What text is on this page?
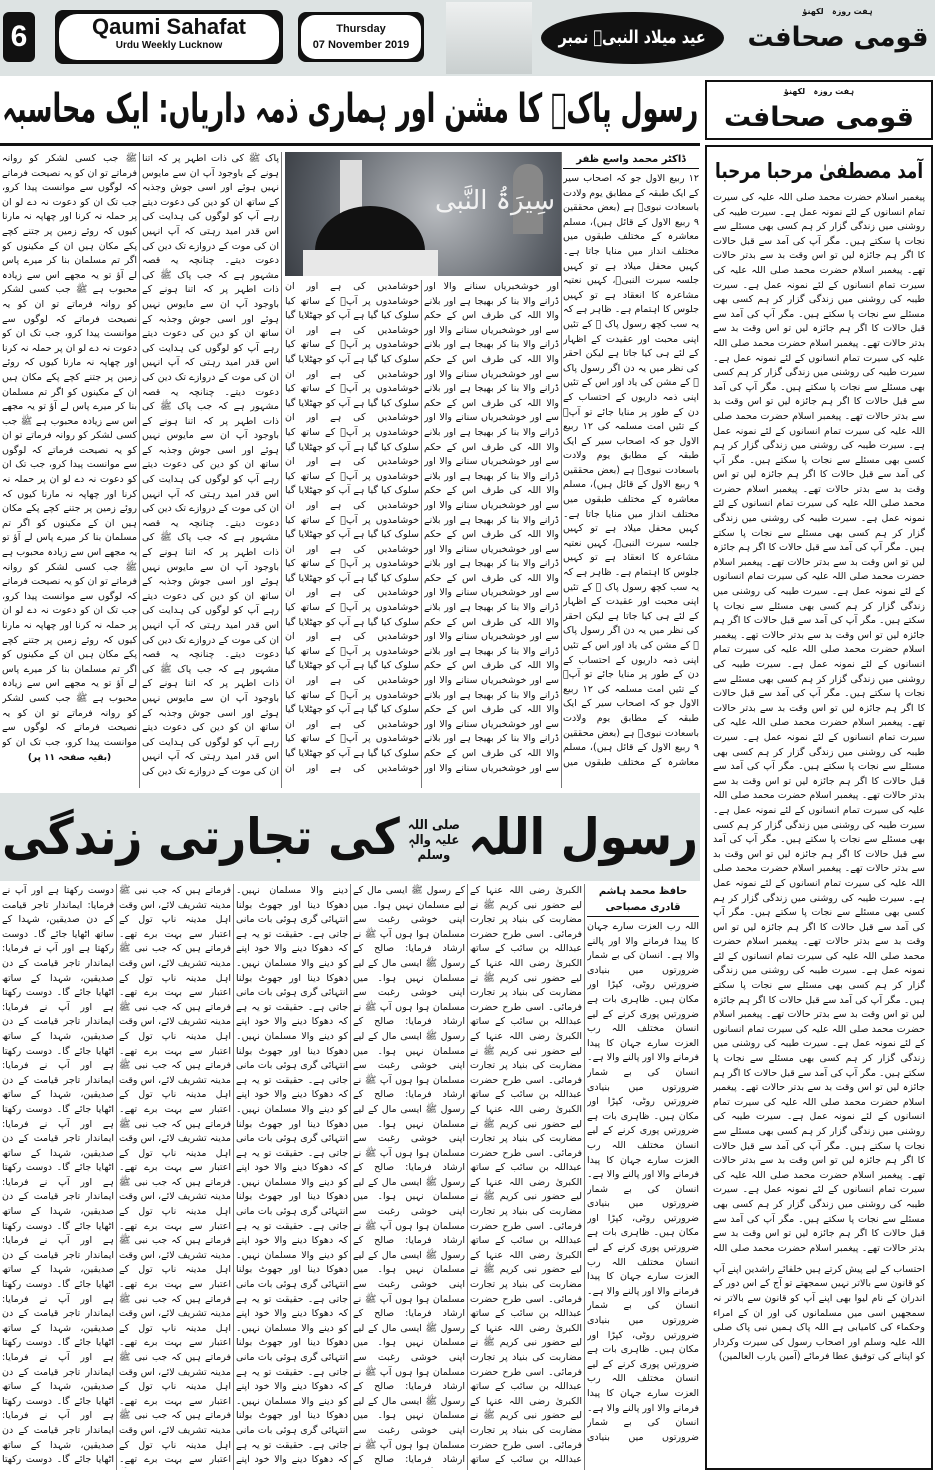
6	Qaumi Sahafat
Urdu Weekly Lucknow
Thursday
07 November 2019	عید میلاد النبیؐ نمبر
ہفت روزہ   لکھنؤ
قومی صحافت
رسول پاکؐ کا مشن اور ہماری ذمہ داریاں: ایک محاسبہ	ہفت روزہ   لکھنؤ
قومی صحافت
آمد مصطفیٰ مرحبا مرحبا
پیغمبر اسلام حضرت محمد صلی اللہ علیہ کی سیرت تمام انسانوں کے لئے نمونہ عمل ہے۔ سیرت طیبہ کی روشنی میں زندگی گزار کر ہم کسی بھی مسئلے سے نجات پا سکتے ہیں۔ مگر آپ کی آمد سے قبل حالات کا اگر ہم جائزہ لیں تو اس وقت بد سے بدتر حالات تھے۔ پیغمبر اسلام حضرت محمد صلی اللہ علیہ کی سیرت تمام انسانوں کے لئے نمونہ عمل ہے۔ سیرت طیبہ کی روشنی میں زندگی گزار کر ہم کسی بھی مسئلے سے نجات پا سکتے ہیں۔ مگر آپ کی آمد سے قبل حالات کا اگر ہم جائزہ لیں تو اس وقت بد سے بدتر حالات تھے۔ پیغمبر اسلام حضرت محمد صلی اللہ علیہ کی سیرت تمام انسانوں کے لئے نمونہ عمل ہے۔ سیرت طیبہ کی روشنی میں زندگی گزار کر ہم کسی بھی مسئلے سے نجات پا سکتے ہیں۔ مگر آپ کی آمد سے قبل حالات کا اگر ہم جائزہ لیں تو اس وقت بد سے بدتر حالات تھے۔ پیغمبر اسلام حضرت محمد صلی اللہ علیہ کی سیرت تمام انسانوں کے لئے نمونہ عمل ہے۔ سیرت طیبہ کی روشنی میں زندگی گزار کر ہم کسی بھی مسئلے سے نجات پا سکتے ہیں۔ مگر آپ کی آمد سے قبل حالات کا اگر ہم جائزہ لیں تو اس وقت بد سے بدتر حالات تھے۔ پیغمبر اسلام حضرت محمد صلی اللہ علیہ کی سیرت تمام انسانوں کے لئے نمونہ عمل ہے۔ سیرت طیبہ کی روشنی میں زندگی گزار کر ہم کسی بھی مسئلے سے نجات پا سکتے ہیں۔ مگر آپ کی آمد سے قبل حالات کا اگر ہم جائزہ لیں تو اس وقت بد سے بدتر حالات تھے۔ پیغمبر اسلام حضرت محمد صلی اللہ علیہ کی سیرت تمام انسانوں کے لئے نمونہ عمل ہے۔ سیرت طیبہ کی روشنی میں زندگی گزار کر ہم کسی بھی مسئلے سے نجات پا سکتے ہیں۔ مگر آپ کی آمد سے قبل حالات کا اگر ہم جائزہ لیں تو اس وقت بد سے بدتر حالات تھے۔ پیغمبر اسلام حضرت محمد صلی اللہ علیہ کی سیرت تمام انسانوں کے لئے نمونہ عمل ہے۔ سیرت طیبہ کی روشنی میں زندگی گزار کر ہم کسی بھی مسئلے سے نجات پا سکتے ہیں۔ مگر آپ کی آمد سے قبل حالات کا اگر ہم جائزہ لیں تو اس وقت بد سے بدتر حالات تھے۔ پیغمبر اسلام حضرت محمد صلی اللہ علیہ کی سیرت تمام انسانوں کے لئے نمونہ عمل ہے۔ سیرت طیبہ کی روشنی میں زندگی گزار کر ہم کسی بھی مسئلے سے نجات پا سکتے ہیں۔ مگر آپ کی آمد سے قبل حالات کا اگر ہم جائزہ لیں تو اس وقت بد سے بدتر حالات تھے۔ پیغمبر اسلام حضرت محمد صلی اللہ علیہ کی سیرت تمام انسانوں کے لئے نمونہ عمل ہے۔ سیرت طیبہ کی روشنی میں زندگی گزار کر ہم کسی بھی مسئلے سے نجات پا سکتے ہیں۔ مگر آپ کی آمد سے قبل حالات کا اگر ہم جائزہ لیں تو اس وقت بد سے بدتر حالات تھے۔ پیغمبر اسلام حضرت محمد صلی اللہ علیہ کی سیرت تمام انسانوں کے لئے نمونہ عمل ہے۔ سیرت طیبہ کی روشنی میں زندگی گزار کر ہم کسی بھی مسئلے سے نجات پا سکتے ہیں۔ مگر آپ کی آمد سے قبل حالات کا اگر ہم جائزہ لیں تو اس وقت بد سے بدتر حالات تھے۔ پیغمبر اسلام حضرت محمد صلی اللہ علیہ کی سیرت تمام انسانوں کے لئے نمونہ عمل ہے۔ سیرت طیبہ کی روشنی میں زندگی گزار کر ہم کسی بھی مسئلے سے نجات پا سکتے ہیں۔ مگر آپ کی آمد سے قبل حالات کا اگر ہم جائزہ لیں تو اس وقت بد سے بدتر حالات تھے۔ پیغمبر اسلام حضرت محمد صلی اللہ علیہ کی سیرت تمام انسانوں کے لئے نمونہ عمل ہے۔ سیرت طیبہ کی روشنی میں زندگی گزار کر ہم کسی بھی مسئلے سے نجات پا سکتے ہیں۔ مگر آپ کی آمد سے قبل حالات کا اگر ہم جائزہ لیں تو اس وقت بد سے بدتر حالات تھے۔ پیغمبر اسلام حضرت محمد صلی اللہ علیہ کی سیرت تمام انسانوں کے لئے نمونہ عمل ہے۔ سیرت طیبہ کی روشنی میں زندگی گزار کر ہم کسی بھی مسئلے سے نجات پا سکتے ہیں۔ مگر آپ کی آمد سے قبل حالات کا اگر ہم جائزہ لیں تو اس وقت بد سے بدتر حالات تھے۔ پیغمبر اسلام حضرت محمد صلی اللہ علیہ کی سیرت تمام انسانوں کے لئے نمونہ عمل ہے۔ سیرت طیبہ کی روشنی میں زندگی گزار کر ہم کسی بھی مسئلے سے نجات پا سکتے ہیں۔ مگر آپ کی آمد سے قبل حالات کا اگر ہم جائزہ لیں تو اس وقت بد سے بدتر حالات تھے۔ پیغمبر اسلام حضرت محمد صلی اللہ
احتساب کے لیے پیش کرتے ہیں خلفائے راشدین اپنے آپ کو قانون سے بالاتر نہیں سمجھتے تو آج کے اس دور کے اندران کے نام لیوا بھی اپنے آپ کو قانون سے بالاتر نہ سمجھیں اسی میں مسلمانوں کی اور ان کے امراء وحکماء کی کامیابی ہے اللہ پاک ہمیں نبی پاک صلی اللہ علیہ وسلم اور اصحاب رسول کی سیرت وکردار کو اپنانے کی توفیق عطا فرمائے (آمین یارب العالمین)
ڈاکٹر محمد واسع ظفر
۱۲ ربیع الاول جو کہ اصحاب سیر کے ایک طبقہ کے مطابق یوم ولادت باسعادت نبویؐ ہے (بعض محققین ۹ ربیع الاول کے قائل ہیں)، مسلم معاشرہ کے مختلف طبقوں میں مختلف انداز میں منایا جاتا ہے۔ کہیں محفل میلاد ہے تو کہیں جلسہ سیرت النبیؐ، کہیں نعتیہ مشاعرہ کا انعقاد ہے تو کہیں جلوس کا اہتمام ہے۔ ظاہر ہے کہ یہ سب کچھ رسول پاک ﷺ کے تئیں اپنی محبت اور عقیدت کے اظہار کے لئے ہی کیا جاتا ہے لیکن احقر کی نظر میں یہ دن اگر رسول پاک ﷺ کے مشن کی یاد اور اس کے تئیں اپنی ذمہ داریوں کے احتساب کے دن کے طور پر منایا جائے تو آپؐ کے تئیں امت مسلمہ کی ۱۲ ربیع الاول جو کہ اصحاب سیر کے ایک طبقہ کے مطابق یوم ولادت باسعادت نبویؐ ہے (بعض محققین ۹ ربیع الاول کے قائل ہیں)، مسلم معاشرہ کے مختلف طبقوں میں مختلف انداز میں منایا جاتا ہے۔ کہیں محفل میلاد ہے تو کہیں جلسہ سیرت النبیؐ، کہیں نعتیہ مشاعرہ کا انعقاد ہے تو کہیں جلوس کا اہتمام ہے۔ ظاہر ہے کہ یہ سب کچھ رسول پاک ﷺ کے تئیں اپنی محبت اور عقیدت کے اظہار کے لئے ہی کیا جاتا ہے لیکن احقر کی نظر میں یہ دن اگر رسول پاک ﷺ کے مشن کی یاد اور اس کے تئیں اپنی ذمہ داریوں کے احتساب کے دن کے طور پر منایا جائے تو آپؐ کے تئیں امت مسلمہ کی ۱۲ ربیع الاول جو کہ اصحاب سیر کے ایک طبقہ کے مطابق یوم ولادت باسعادت نبویؐ ہے (بعض محققین ۹ ربیع الاول کے قائل ہیں)، مسلم معاشرہ کے مختلف طبقوں میں
سِیرَۃُ النَّبی
اور خوشخبریاں سنانے والا اور ڈرانے والا بنا کر بھیجا ہے اور بلانے والا اللہ کی طرف اس کے حکم سے اور خوشخبریاں سنانے والا اور ڈرانے والا بنا کر بھیجا ہے اور بلانے والا اللہ کی طرف اس کے حکم سے اور خوشخبریاں سنانے والا اور ڈرانے والا بنا کر بھیجا ہے اور بلانے والا اللہ کی طرف اس کے حکم سے اور خوشخبریاں سنانے والا اور ڈرانے والا بنا کر بھیجا ہے اور بلانے والا اللہ کی طرف اس کے حکم سے اور خوشخبریاں سنانے والا اور ڈرانے والا بنا کر بھیجا ہے اور بلانے والا اللہ کی طرف اس کے حکم سے اور خوشخبریاں سنانے والا اور ڈرانے والا بنا کر بھیجا ہے اور بلانے والا اللہ کی طرف اس کے حکم سے اور خوشخبریاں سنانے والا اور ڈرانے والا بنا کر بھیجا ہے اور بلانے والا اللہ کی طرف اس کے حکم سے اور خوشخبریاں سنانے والا اور ڈرانے والا بنا کر بھیجا ہے اور بلانے والا اللہ کی طرف اس کے حکم سے اور خوشخبریاں سنانے والا اور ڈرانے والا بنا کر بھیجا ہے اور بلانے والا اللہ کی طرف اس کے حکم سے اور خوشخبریاں سنانے والا اور ڈرانے والا بنا کر بھیجا ہے اور بلانے والا اللہ کی طرف اس کے حکم سے اور خوشخبریاں سنانے والا اور ڈرانے والا بنا کر بھیجا ہے اور بلانے والا اللہ کی طرف اس کے حکم سے اور خوشخبریاں سنانے والا اور
خوشامدیں کی ہے اور ان خوشامدوں پر آپؐ کے ساتھ کیا سلوک کیا گیا ہے آپ کو جھٹلایا گیا خوشامدیں کی ہے اور ان خوشامدوں پر آپؐ کے ساتھ کیا سلوک کیا گیا ہے آپ کو جھٹلایا گیا خوشامدیں کی ہے اور ان خوشامدوں پر آپؐ کے ساتھ کیا سلوک کیا گیا ہے آپ کو جھٹلایا گیا خوشامدیں کی ہے اور ان خوشامدوں پر آپؐ کے ساتھ کیا سلوک کیا گیا ہے آپ کو جھٹلایا گیا خوشامدیں کی ہے اور ان خوشامدوں پر آپؐ کے ساتھ کیا سلوک کیا گیا ہے آپ کو جھٹلایا گیا خوشامدیں کی ہے اور ان خوشامدوں پر آپؐ کے ساتھ کیا سلوک کیا گیا ہے آپ کو جھٹلایا گیا خوشامدیں کی ہے اور ان خوشامدوں پر آپؐ کے ساتھ کیا سلوک کیا گیا ہے آپ کو جھٹلایا گیا خوشامدیں کی ہے اور ان خوشامدوں پر آپؐ کے ساتھ کیا سلوک کیا گیا ہے آپ کو جھٹلایا گیا خوشامدیں کی ہے اور ان خوشامدوں پر آپؐ کے ساتھ کیا سلوک کیا گیا ہے آپ کو جھٹلایا گیا خوشامدیں کی ہے اور ان خوشامدوں پر آپؐ کے ساتھ کیا سلوک کیا گیا ہے آپ کو جھٹلایا گیا خوشامدیں کی ہے اور ان خوشامدوں پر آپؐ کے ساتھ کیا سلوک کیا گیا ہے آپ کو جھٹلایا گیا خوشامدیں کی ہے اور ان
پاک ﷺ کی ذات اطہر پر کہ اتنا ہونے کے باوجود آپ ان سے مایوس نہیں ہوئے اور اسی جوش وجذبہ کے ساتھ ان کو دین کی دعوت دیتے رہے آپ کو لوگوں کی ہدایت کی اس قدر امید رہتی کہ آپ انہیں ان کی موت کے دروازے تک دین کی دعوت دیتے۔ چنانچہ یہ قصہ مشہور ہے کہ جب پاک ﷺ کی ذات اطہر پر کہ اتنا ہونے کے باوجود آپ ان سے مایوس نہیں ہوئے اور اسی جوش وجذبہ کے ساتھ ان کو دین کی دعوت دیتے رہے آپ کو لوگوں کی ہدایت کی اس قدر امید رہتی کہ آپ انہیں ان کی موت کے دروازے تک دین کی دعوت دیتے۔ چنانچہ یہ قصہ مشہور ہے کہ جب پاک ﷺ کی ذات اطہر پر کہ اتنا ہونے کے باوجود آپ ان سے مایوس نہیں ہوئے اور اسی جوش وجذبہ کے ساتھ ان کو دین کی دعوت دیتے رہے آپ کو لوگوں کی ہدایت کی اس قدر امید رہتی کہ آپ انہیں ان کی موت کے دروازے تک دین کی دعوت دیتے۔ چنانچہ یہ قصہ مشہور ہے کہ جب پاک ﷺ کی ذات اطہر پر کہ اتنا ہونے کے باوجود آپ ان سے مایوس نہیں ہوئے اور اسی جوش وجذبہ کے ساتھ ان کو دین کی دعوت دیتے رہے آپ کو لوگوں کی ہدایت کی اس قدر امید رہتی کہ آپ انہیں ان کی موت کے دروازے تک دین کی دعوت دیتے۔ چنانچہ یہ قصہ مشہور ہے کہ جب پاک ﷺ کی ذات اطہر پر کہ اتنا ہونے کے باوجود آپ ان سے مایوس نہیں ہوئے اور اسی جوش وجذبہ کے ساتھ ان کو دین کی دعوت دیتے رہے آپ کو لوگوں کی ہدایت کی اس قدر امید رہتی کہ آپ انہیں ان کی موت کے دروازے تک دین کی
ﷺ جب کسی لشکر کو روانہ فرماتے تو ان کو یہ نصیحت فرماتے کہ لوگوں سے موانست پیدا کرو، جب تک ان کو دعوت نہ دے لو ان پر حملہ نہ کرنا اور چھاپہ نہ مارنا کیوں کہ روئے زمین پر جتنے کچے پکے مکان ہیں ان کے مکینوں کو اگر تم مسلمان بنا کر میرے پاس لے آؤ تو یہ مجھے اس سے زیادہ محبوب ہے ﷺ جب کسی لشکر کو روانہ فرماتے تو ان کو یہ نصیحت فرماتے کہ لوگوں سے موانست پیدا کرو، جب تک ان کو دعوت نہ دے لو ان پر حملہ نہ کرنا اور چھاپہ نہ مارنا کیوں کہ روئے زمین پر جتنے کچے پکے مکان ہیں ان کے مکینوں کو اگر تم مسلمان بنا کر میرے پاس لے آؤ تو یہ مجھے اس سے زیادہ محبوب ہے ﷺ جب کسی لشکر کو روانہ فرماتے تو ان کو یہ نصیحت فرماتے کہ لوگوں سے موانست پیدا کرو، جب تک ان کو دعوت نہ دے لو ان پر حملہ نہ کرنا اور چھاپہ نہ مارنا کیوں کہ روئے زمین پر جتنے کچے پکے مکان ہیں ان کے مکینوں کو اگر تم مسلمان بنا کر میرے پاس لے آؤ تو یہ مجھے اس سے زیادہ محبوب ہے ﷺ جب کسی لشکر کو روانہ فرماتے تو ان کو یہ نصیحت فرماتے کہ لوگوں سے موانست پیدا کرو، جب تک ان کو دعوت نہ دے لو ان پر حملہ نہ کرنا اور چھاپہ نہ مارنا کیوں کہ روئے زمین پر جتنے کچے پکے مکان ہیں ان کے مکینوں کو اگر تم مسلمان بنا کر میرے پاس لے آؤ تو یہ مجھے اس سے زیادہ محبوب ہے ﷺ جب کسی لشکر کو روانہ فرماتے تو ان کو یہ نصیحت فرماتے کہ لوگوں سے موانست پیدا کرو، جب تک ان کو
(بقیہ صفحہ ۱۱ پر)
رسول اللہصلی اللہ علیہ والہٖ وسلمکی تجارتی زندگی
حافظ محمد ہاشم قادری مصباحی
اللہ رب العزت سارے جہان کا پیدا فرمانے والا اور پالنے والا ہے۔ انسان کی بے شمار ضرورتوں میں بنیادی ضرورتیں روٹی، کپڑا اور مکان ہیں۔ ظاہری بات ہے ضرورتیں پوری کرنے کے لیے انسان مختلف اللہ رب العزت سارے جہان کا پیدا فرمانے والا اور پالنے والا ہے۔ انسان کی بے شمار ضرورتوں میں بنیادی ضرورتیں روٹی، کپڑا اور مکان ہیں۔ ظاہری بات ہے ضرورتیں پوری کرنے کے لیے انسان مختلف اللہ رب العزت سارے جہان کا پیدا فرمانے والا اور پالنے والا ہے۔ انسان کی بے شمار ضرورتوں میں بنیادی ضرورتیں روٹی، کپڑا اور مکان ہیں۔ ظاہری بات ہے ضرورتیں پوری کرنے کے لیے انسان مختلف اللہ رب العزت سارے جہان کا پیدا فرمانے والا اور پالنے والا ہے۔ انسان کی بے شمار ضرورتوں میں بنیادی ضرورتیں روٹی، کپڑا اور مکان ہیں۔ ظاہری بات ہے ضرورتیں پوری کرنے کے لیے انسان مختلف اللہ رب العزت سارے جہان کا پیدا فرمانے والا اور پالنے والا ہے۔ انسان کی بے شمار ضرورتوں میں بنیادی
الکبریٰ رضی اللہ عنہا کے لیے حضور نبی کریم ﷺ نے مضاربت کی بنیاد پر تجارت فرمائی۔ اسی طرح حضرت عبداللہ بن سائب کے ساتھ الکبریٰ رضی اللہ عنہا کے لیے حضور نبی کریم ﷺ نے مضاربت کی بنیاد پر تجارت فرمائی۔ اسی طرح حضرت عبداللہ بن سائب کے ساتھ الکبریٰ رضی اللہ عنہا کے لیے حضور نبی کریم ﷺ نے مضاربت کی بنیاد پر تجارت فرمائی۔ اسی طرح حضرت عبداللہ بن سائب کے ساتھ الکبریٰ رضی اللہ عنہا کے لیے حضور نبی کریم ﷺ نے مضاربت کی بنیاد پر تجارت فرمائی۔ اسی طرح حضرت عبداللہ بن سائب کے ساتھ الکبریٰ رضی اللہ عنہا کے لیے حضور نبی کریم ﷺ نے مضاربت کی بنیاد پر تجارت فرمائی۔ اسی طرح حضرت عبداللہ بن سائب کے ساتھ الکبریٰ رضی اللہ عنہا کے لیے حضور نبی کریم ﷺ نے مضاربت کی بنیاد پر تجارت فرمائی۔ اسی طرح حضرت عبداللہ بن سائب کے ساتھ الکبریٰ رضی اللہ عنہا کے لیے حضور نبی کریم ﷺ نے مضاربت کی بنیاد پر تجارت فرمائی۔ اسی طرح حضرت عبداللہ بن سائب کے ساتھ الکبریٰ رضی اللہ عنہا کے لیے حضور نبی کریم ﷺ نے مضاربت کی بنیاد پر تجارت فرمائی۔ اسی طرح حضرت عبداللہ بن سائب کے ساتھ
کے رسول ﷺ ایسی مال کے لیے مسلمان نہیں ہوا۔ میں اپنی خوشی رغبت سے مسلمان ہوا ہوں آپ ﷺ نے ارشاد فرمایا: صالح کے رسول ﷺ ایسی مال کے لیے مسلمان نہیں ہوا۔ میں اپنی خوشی رغبت سے مسلمان ہوا ہوں آپ ﷺ نے ارشاد فرمایا: صالح کے رسول ﷺ ایسی مال کے لیے مسلمان نہیں ہوا۔ میں اپنی خوشی رغبت سے مسلمان ہوا ہوں آپ ﷺ نے ارشاد فرمایا: صالح کے رسول ﷺ ایسی مال کے لیے مسلمان نہیں ہوا۔ میں اپنی خوشی رغبت سے مسلمان ہوا ہوں آپ ﷺ نے ارشاد فرمایا: صالح کے رسول ﷺ ایسی مال کے لیے مسلمان نہیں ہوا۔ میں اپنی خوشی رغبت سے مسلمان ہوا ہوں آپ ﷺ نے ارشاد فرمایا: صالح کے رسول ﷺ ایسی مال کے لیے مسلمان نہیں ہوا۔ میں اپنی خوشی رغبت سے مسلمان ہوا ہوں آپ ﷺ نے ارشاد فرمایا: صالح کے رسول ﷺ ایسی مال کے لیے مسلمان نہیں ہوا۔ میں اپنی خوشی رغبت سے مسلمان ہوا ہوں آپ ﷺ نے ارشاد فرمایا: صالح کے رسول ﷺ ایسی مال کے لیے مسلمان نہیں ہوا۔ میں اپنی خوشی رغبت سے مسلمان ہوا ہوں آپ ﷺ نے ارشاد فرمایا: صالح کے
دینے والا مسلمان نہیں۔ دھوکا دینا اور جھوٹ بولنا انتہائی گری ہوئی بات مانی جاتی ہے۔ حقیقت تو یہ ہے کہ دھوکا دینے والا خود اپنے کو دینے والا مسلمان نہیں۔ دھوکا دینا اور جھوٹ بولنا انتہائی گری ہوئی بات مانی جاتی ہے۔ حقیقت تو یہ ہے کہ دھوکا دینے والا خود اپنے کو دینے والا مسلمان نہیں۔ دھوکا دینا اور جھوٹ بولنا انتہائی گری ہوئی بات مانی جاتی ہے۔ حقیقت تو یہ ہے کہ دھوکا دینے والا خود اپنے کو دینے والا مسلمان نہیں۔ دھوکا دینا اور جھوٹ بولنا انتہائی گری ہوئی بات مانی جاتی ہے۔ حقیقت تو یہ ہے کہ دھوکا دینے والا خود اپنے کو دینے والا مسلمان نہیں۔ دھوکا دینا اور جھوٹ بولنا انتہائی گری ہوئی بات مانی جاتی ہے۔ حقیقت تو یہ ہے کہ دھوکا دینے والا خود اپنے کو دینے والا مسلمان نہیں۔ دھوکا دینا اور جھوٹ بولنا انتہائی گری ہوئی بات مانی جاتی ہے۔ حقیقت تو یہ ہے کہ دھوکا دینے والا خود اپنے کو دینے والا مسلمان نہیں۔ دھوکا دینا اور جھوٹ بولنا انتہائی گری ہوئی بات مانی جاتی ہے۔ حقیقت تو یہ ہے کہ دھوکا دینے والا خود اپنے کو دینے والا مسلمان نہیں۔ دھوکا دینا اور جھوٹ بولنا انتہائی گری ہوئی بات مانی جاتی ہے۔ حقیقت تو یہ ہے کہ دھوکا دینے والا خود اپنے
فرماتے ہیں کہ جب نبی ﷺ مدینہ تشریف لائے، اس وقت اہل مدینہ ناپ تول کے اعتبار سے بہت برے تھے۔ فرماتے ہیں کہ جب نبی ﷺ مدینہ تشریف لائے، اس وقت اہل مدینہ ناپ تول کے اعتبار سے بہت برے تھے۔ فرماتے ہیں کہ جب نبی ﷺ مدینہ تشریف لائے، اس وقت اہل مدینہ ناپ تول کے اعتبار سے بہت برے تھے۔ فرماتے ہیں کہ جب نبی ﷺ مدینہ تشریف لائے، اس وقت اہل مدینہ ناپ تول کے اعتبار سے بہت برے تھے۔ فرماتے ہیں کہ جب نبی ﷺ مدینہ تشریف لائے، اس وقت اہل مدینہ ناپ تول کے اعتبار سے بہت برے تھے۔ فرماتے ہیں کہ جب نبی ﷺ مدینہ تشریف لائے، اس وقت اہل مدینہ ناپ تول کے اعتبار سے بہت برے تھے۔ فرماتے ہیں کہ جب نبی ﷺ مدینہ تشریف لائے، اس وقت اہل مدینہ ناپ تول کے اعتبار سے بہت برے تھے۔ فرماتے ہیں کہ جب نبی ﷺ مدینہ تشریف لائے، اس وقت اہل مدینہ ناپ تول کے اعتبار سے بہت برے تھے۔ فرماتے ہیں کہ جب نبی ﷺ مدینہ تشریف لائے، اس وقت اہل مدینہ ناپ تول کے اعتبار سے بہت برے تھے۔ فرماتے ہیں کہ جب نبی ﷺ مدینہ تشریف لائے، اس وقت اہل مدینہ ناپ تول کے اعتبار سے بہت برے تھے۔
دوست رکھتا ہے اور آپ نے فرمایا: ایماندار تاجر قیامت کے دن صدیقین، شہدا کے ساتھ اٹھایا جائے گا۔ دوست رکھتا ہے اور آپ نے فرمایا: ایماندار تاجر قیامت کے دن صدیقین، شہدا کے ساتھ اٹھایا جائے گا۔ دوست رکھتا ہے اور آپ نے فرمایا: ایماندار تاجر قیامت کے دن صدیقین، شہدا کے ساتھ اٹھایا جائے گا۔ دوست رکھتا ہے اور آپ نے فرمایا: ایماندار تاجر قیامت کے دن صدیقین، شہدا کے ساتھ اٹھایا جائے گا۔ دوست رکھتا ہے اور آپ نے فرمایا: ایماندار تاجر قیامت کے دن صدیقین، شہدا کے ساتھ اٹھایا جائے گا۔ دوست رکھتا ہے اور آپ نے فرمایا: ایماندار تاجر قیامت کے دن صدیقین، شہدا کے ساتھ اٹھایا جائے گا۔ دوست رکھتا ہے اور آپ نے فرمایا: ایماندار تاجر قیامت کے دن صدیقین، شہدا کے ساتھ اٹھایا جائے گا۔ دوست رکھتا ہے اور آپ نے فرمایا: ایماندار تاجر قیامت کے دن صدیقین، شہدا کے ساتھ اٹھایا جائے گا۔ دوست رکھتا ہے اور آپ نے فرمایا: ایماندار تاجر قیامت کے دن صدیقین، شہدا کے ساتھ اٹھایا جائے گا۔ دوست رکھتا ہے اور آپ نے فرمایا: ایماندار تاجر قیامت کے دن صدیقین، شہدا کے ساتھ اٹھایا جائے گا۔ دوست رکھتا
